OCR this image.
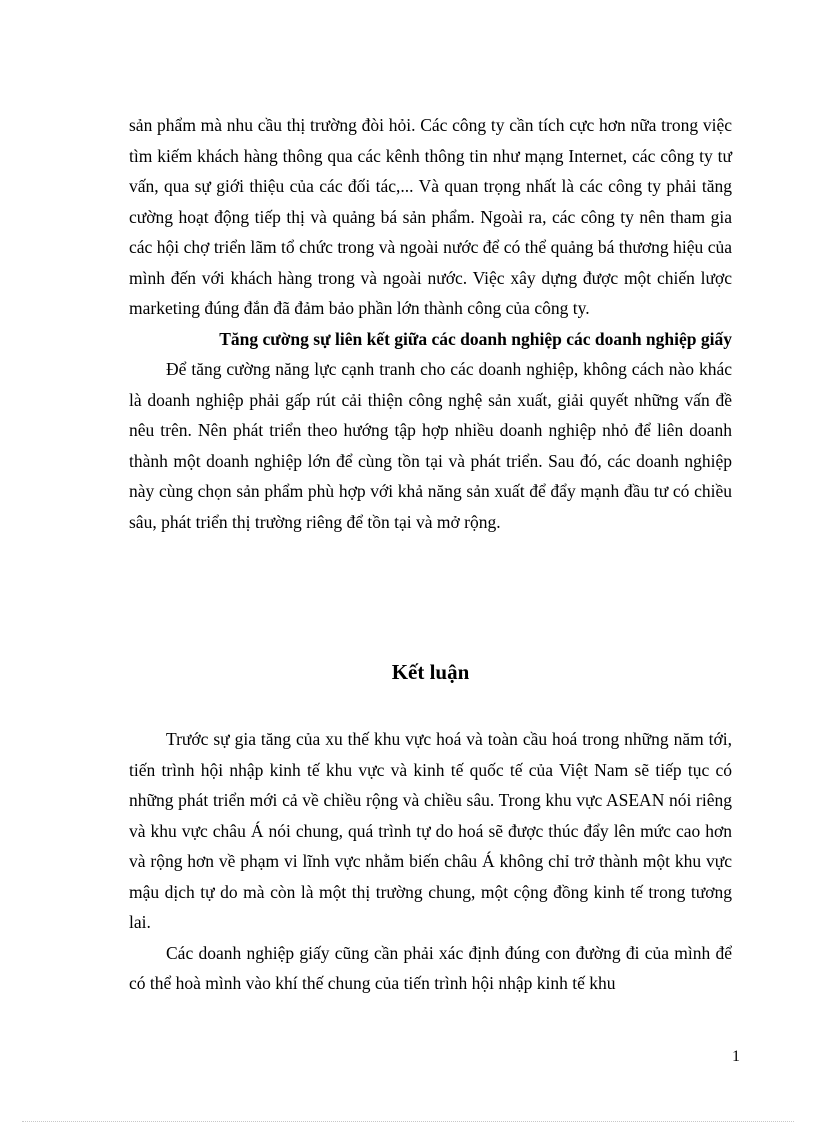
sản phẩm mà nhu cầu thị trường đòi hỏi. Các công ty cần tích cực hơn nữa trong việc tìm kiếm khách hàng thông qua các kênh thông tin như mạng Internet, các công ty tư vấn, qua sự giới thiệu của các đối tác,... Và quan trọng nhất là các công ty phải tăng cường hoạt động tiếp thị và quảng bá sản phẩm. Ngoài ra, các công ty nên tham gia các hội chợ triển lãm tổ chức trong và ngoài nước để có thể quảng bá thương hiệu của mình đến với khách hàng trong và ngoài nước. Việc xây dựng được một chiến lược marketing đúng đắn đã đảm bảo phần lớn thành công của công ty.

Tăng cường sự liên kết giữa các doanh nghiệp các doanh nghiệp giấy

Để tăng cường năng lực cạnh tranh cho các doanh nghiệp, không cách nào khác là doanh nghiệp phải gấp rút cải thiện công nghệ sản xuất, giải quyết những vấn đề nêu trên. Nên phát triển theo hướng tập hợp nhiều doanh nghiệp nhỏ để liên doanh thành một doanh nghiệp lớn để cùng tồn tại và phát triển. Sau đó, các doanh nghiệp này cùng chọn sản phẩm phù hợp với khả năng sản xuất để đẩy mạnh đầu tư có chiều sâu, phát triển thị trường riêng để tồn tại và mở rộng.

Kết luận

Trước sự gia tăng của xu thế khu vực hoá và toàn cầu hoá trong những năm tới, tiến trình hội nhập kinh tế khu vực và kinh tế quốc tế của Việt Nam sẽ tiếp tục có những phát triển mới cả về chiều rộng và chiều sâu. Trong khu vực ASEAN nói riêng và khu vực châu Á nói chung, quá trình tự do hoá sẽ được thúc đẩy lên mức cao hơn và rộng hơn về phạm vi lĩnh vực nhằm biến châu Á không chỉ trở thành một khu vực mậu dịch tự do mà còn là một thị trường chung, một cộng đồng kinh tế trong tương lai.

Các doanh nghiệp giấy cũng cần phải xác định đúng con đường đi của mình để có thể hoà mình vào khí thế chung của tiến trình hội nhập kinh tế khu

1
